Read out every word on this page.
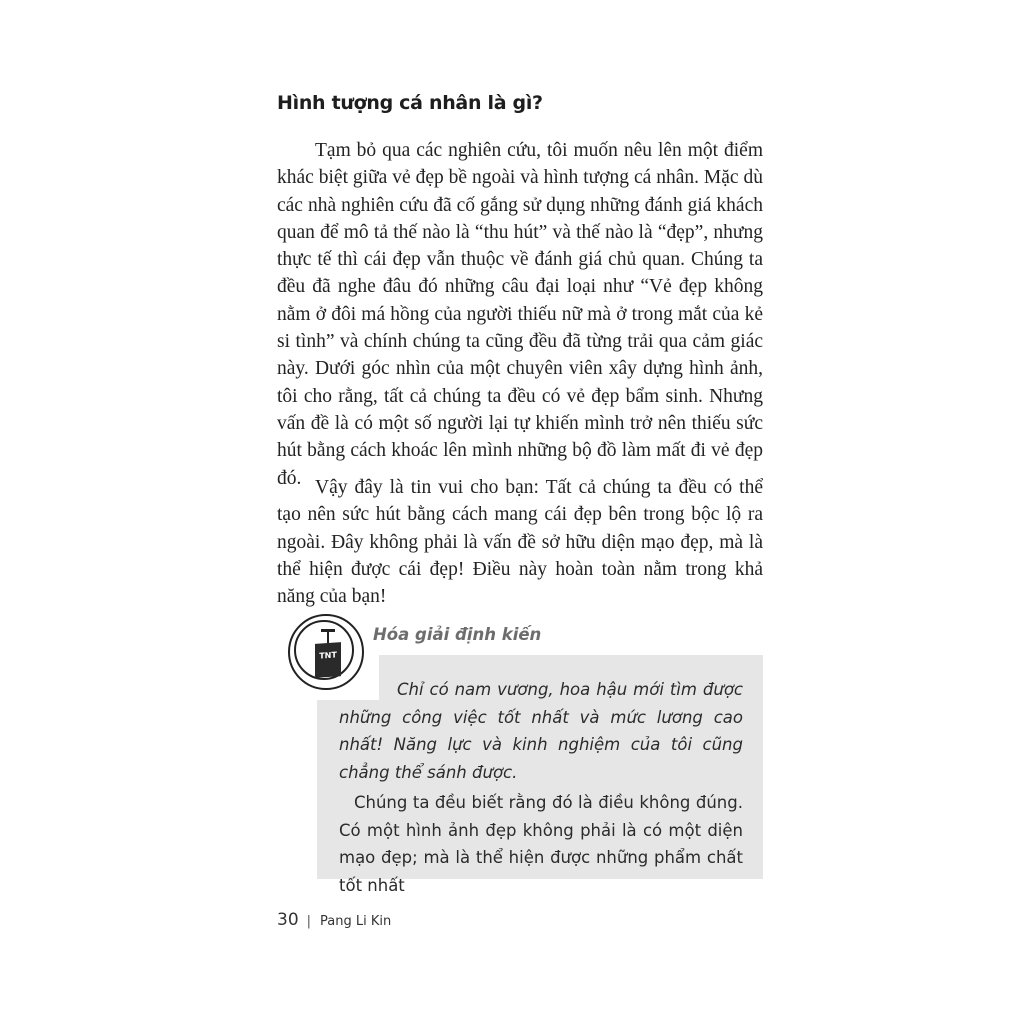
Hình tượng cá nhân là gì?

Tạm bỏ qua các nghiên cứu, tôi muốn nêu lên một điểm khác biệt giữa vẻ đẹp bề ngoài và hình tượng cá nhân. Mặc dù các nhà nghiên cứu đã cố gắng sử dụng những đánh giá khách quan để mô tả thế nào là “thu hút” và thế nào là “đẹp”, nhưng thực tế thì cái đẹp vẫn thuộc về đánh giá chủ quan. Chúng ta đều đã nghe đâu đó những câu đại loại như “Vẻ đẹp không nằm ở đôi má hồng của người thiếu nữ mà ở trong mắt của kẻ si tình” và chính chúng ta cũng đều đã từng trải qua cảm giác này. Dưới góc nhìn của một chuyên viên xây dựng hình ảnh, tôi cho rằng, tất cả chúng ta đều có vẻ đẹp bẩm sinh. Nhưng vấn đề là có một số người lại tự khiến mình trở nên thiếu sức hút bằng cách khoác lên mình những bộ đồ làm mất đi vẻ đẹp đó. Vậy đây là tin vui cho bạn: Tất cả chúng ta đều có thể tạo nên sức hút bằng cách mang cái đẹp bên trong bộc lộ ra ngoài. Đây không phải là vấn đề sở hữu diện mạo đẹp, mà là thể hiện được cái đẹp! Điều này hoàn toàn nằm trong khả năng của bạn!

TNT
Hóa giải định kiến

Chỉ có nam vương, hoa hậu mới tìm được những công việc tốt nhất và mức lương cao nhất! Năng lực và kinh nghiệm của tôi cũng chẳng thể sánh được.

Chúng ta đều biết rằng đó là điều không đúng. Có một hình ảnh đẹp không phải là có một diện mạo đẹp; mà là thể hiện được những phẩm chất tốt nhất

30 | Pang Li Kin
